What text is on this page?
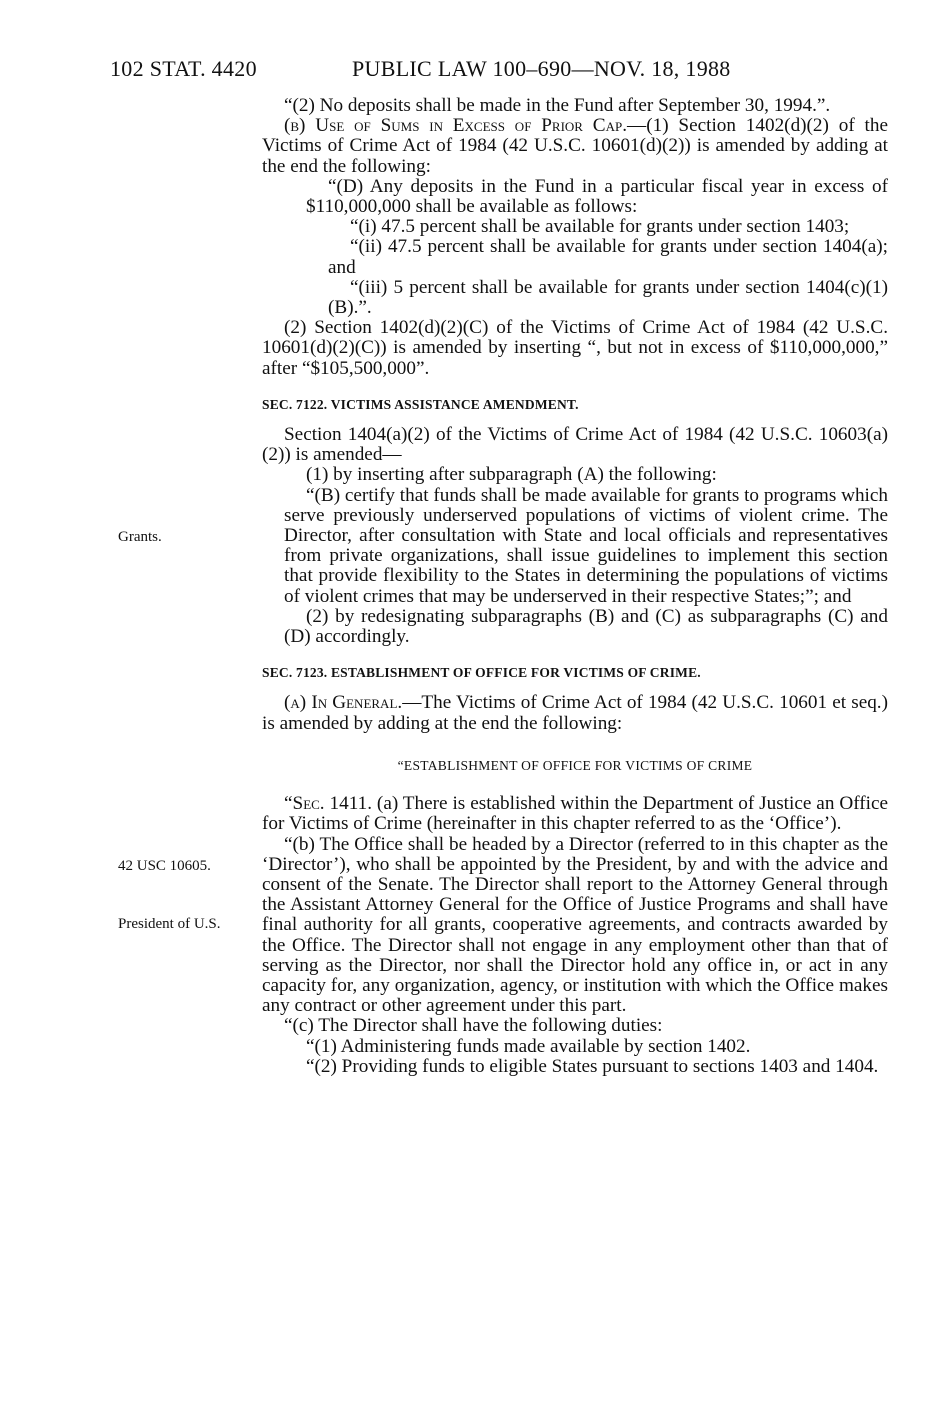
102 STAT. 4420	PUBLIC LAW 100–690—NOV. 18, 1988
Grants.
42 USC 10605.
President of U.S.

“(2) No deposits shall be made in the Fund after September 30, 1994.”.

(b) Use of Sums in Excess of Prior Cap.—(1) Section 1402(d)(2) of the Victims of Crime Act of 1984 (42 U.S.C. 10601(d)(2)) is amended by adding at the end the following:

“(D) Any deposits in the Fund in a particular fiscal year in excess of $110,000,000 shall be available as follows:

“(i) 47.5 percent shall be available for grants under section 1403;

“(ii) 47.5 percent shall be available for grants under section 1404(a); and

“(iii) 5 percent shall be available for grants under section 1404(c)(1)(B).”.

(2) Section 1402(d)(2)(C) of the Victims of Crime Act of 1984 (42 U.S.C. 10601(d)(2)(C)) is amended by inserting “, but not in excess of $110,000,000,” after “$105,500,000”.

SEC. 7122. VICTIMS ASSISTANCE AMENDMENT.

Section 1404(a)(2) of the Victims of Crime Act of 1984 (42 U.S.C. 10603(a)(2)) is amended—

(1) by inserting after subparagraph (A) the following:

“(B) certify that funds shall be made available for grants to programs which serve previously underserved populations of victims of violent crime. The Director, after consultation with State and local officials and representatives from private organizations, shall issue guidelines to implement this section that provide flexibility to the States in determining the populations of victims of violent crimes that may be underserved in their respective States;”; and

(2) by redesignating subparagraphs (B) and (C) as subparagraphs (C) and (D) accordingly.

SEC. 7123. ESTABLISHMENT OF OFFICE FOR VICTIMS OF CRIME.

(a) In General.—The Victims of Crime Act of 1984 (42 U.S.C. 10601 et seq.) is amended by adding at the end the following:

“ESTABLISHMENT OF OFFICE FOR VICTIMS OF CRIME

“Sec. 1411. (a) There is established within the Department of Justice an Office for Victims of Crime (hereinafter in this chapter referred to as the ‘Office’).

“(b) The Office shall be headed by a Director (referred to in this chapter as the ‘Director’), who shall be appointed by the President, by and with the advice and consent of the Senate. The Director shall report to the Attorney General through the Assistant Attorney General for the Office of Justice Programs and shall have final authority for all grants, cooperative agreements, and contracts awarded by the Office. The Director shall not engage in any employment other than that of serving as the Director, nor shall the Director hold any office in, or act in any capacity for, any organization, agency, or institution with which the Office makes any contract or other agreement under this part.

“(c) The Director shall have the following duties:

“(1) Administering funds made available by section 1402.

“(2) Providing funds to eligible States pursuant to sections 1403 and 1404.
